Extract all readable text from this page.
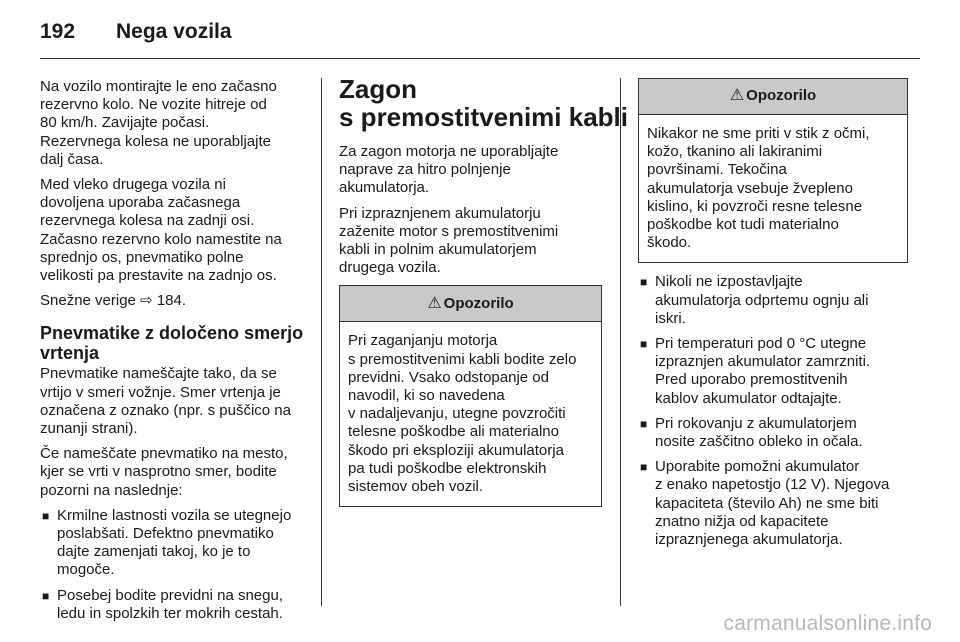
192	Nega vozila

Na vozilo montirajte le eno začasno
rezervno kolo. Ne vozite hitreje od
80 km/h. Zavijajte počasi.
Rezervnega kolesa ne uporabljajte
dalj časa.

Med vleko drugega vozila ni
dovoljena uporaba začasnega
rezervnega kolesa na zadnji osi.
Začasno rezervno kolo namestite na
sprednjo os, pnevmatiko polne
velikosti pa prestavite na zadnjo os.

Snežne verige ⇨ 184.

Pnevmatike z določeno smerjo
vrtenja

Pnevmatike nameščajte tako, da se
vrtijo v smeri vožnje. Smer vrtenja je
označena z oznako (npr. s puščico na
zunanji strani).

Če nameščate pnevmatiko na mesto,
kjer se vrti v nasprotno smer, bodite
pozorni na naslednje:

■ Krmilne lastnosti vozila se utegnejo
poslabšati. Defektno pnevmatiko
dajte zamenjati takoj, ko je to
mogoče.
■ Posebej bodite previdni na snegu,
ledu in spolzkih ter mokrih cestah.
Zagon
s premostitvenimi kabli

Za zagon motorja ne uporabljajte
naprave za hitro polnjenje
akumulatorja.

Pri izpraznjenem akumulatorju
zaženite motor s premostitvenimi
kabli in polnim akumulatorjem
drugega vozila.

⚠ Opozorilo
Pri zaganjanju motorja
s premostitvenimi kabli bodite zelo
previdni. Vsako odstopanje od
navodil, ki so navedena
v nadaljevanju, utegne povzročiti
telesne poškodbe ali materialno
škodo pri eksploziji akumulatorja
pa tudi poškodbe elektronskih
sistemov obeh vozil.
⚠ Opozorilo
Nikakor ne sme priti v stik z očmi,
kožo, tkanino ali lakiranimi
površinami. Tekočina
akumulatorja vsebuje žvepleno
kislino, ki povzroči resne telesne
poškodbe kot tudi materialno
škodo.
■ Nikoli ne izpostavljajte
akumulatorja odprtemu ognju ali
iskri.
■ Pri temperaturi pod 0 °C utegne
izpraznjen akumulator zamrzniti.
Pred uporabo premostitvenih
kablov akumulator odtajajte.
■ Pri rokovanju z akumulatorjem
nosite zaščitno obleko in očala.
■ Uporabite pomožni akumulator
z enako napetostjo (12 V). Njegova
kapaciteta (število Ah) ne sme biti
znatno nižja od kapacitete
izpraznjenega akumulatorja.
carmanualsonline.info
